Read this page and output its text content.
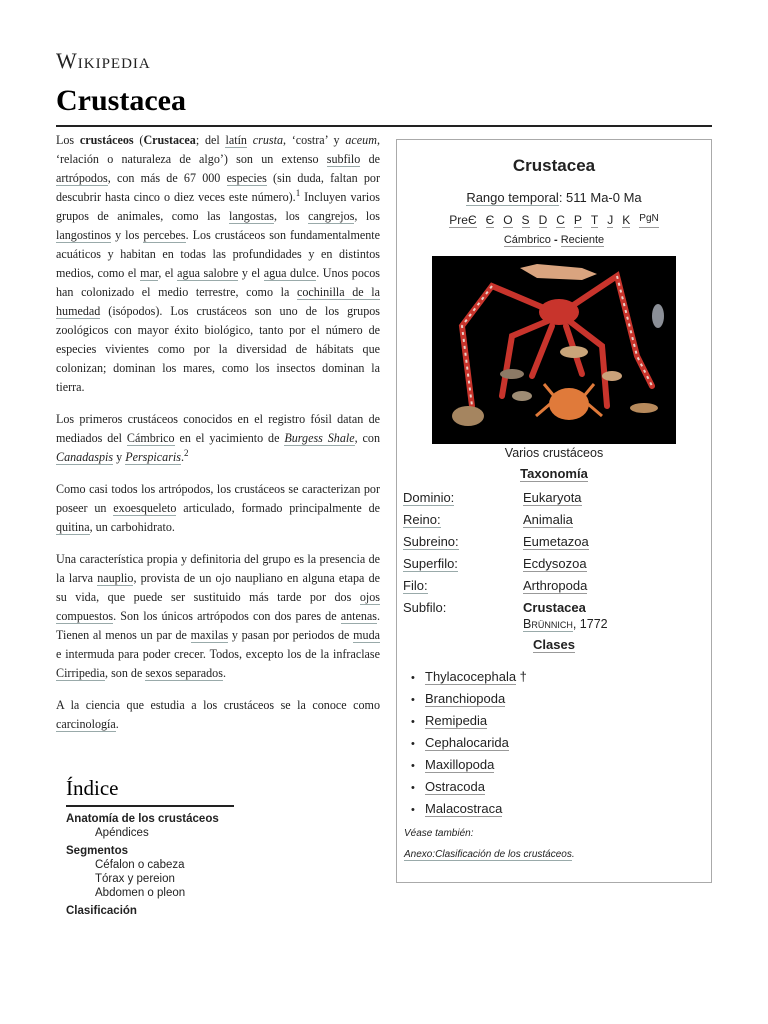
Wikipedia
Crustacea

Los crustáceos (Crustacea; del latín crusta, ‘costra’ y aceum, ‘relación o naturaleza de algo’) son un extenso subfilo de artrópodos, con más de 67 000 especies (sin duda, faltan por descubrir hasta cinco o diez veces este número).$^1$ Incluyen varios grupos de animales, como las langostas, los cangrejos, los langostinos y los percebes. Los crustáceos son fundamentalmente acuáticos y habitan en todas las profundidades y en distintos medios, como el mar, el agua salobre y el agua dulce. Unos pocos han colonizado el medio terrestre, como la cochinilla de la humedad (isópodos). Los crustáceos son uno de los grupos zoológicos con mayor éxito biológico, tanto por el número de especies vivientes como por la diversidad de hábitats que colonizan; dominan los mares, como los insectos dominan la tierra.

Los primeros crustáceos conocidos en el registro fósil datan de mediados del Cámbrico en el yacimiento de Burgess Shale, con Canadaspis y Perspicaris.$^2$

Como casi todos los artrópodos, los crustáceos se caracterizan por poseer un exoesqueleto articulado, formado principalmente de quitina, un carbohidrato.

Una característica propia y definitoria del grupo es la presencia de la larva nauplio, provista de un ojo naupliano en alguna etapa de su vida, que puede ser sustituido más tarde por dos ojos compuestos. Son los únicos artrópodos con dos pares de antenas. Tienen al menos un par de maxilas y pasan por periodos de muda e intermuda para poder crecer. Todos, excepto los de la infraclase Cirripedia, son de sexos separados.

A la ciencia que estudia a los crustáceos se la conoce como carcinología.

Crustacea
Rango temporal: 511 Ma-0 Ma
PreЄ Є O S D C P T J K PgN
Cámbrico - Reciente
Varios crustáceos
Taxonomía
Dominio:	Eukaryota
Reino:	Animalia
Subreino:	Eumetazoa
Superfilo:	Ecdysozoa
Filo:	Arthropoda
Subfilo:	Crustacea
Brünnich, 1772
Clases
• Thylacocephala †
• Branchiopoda
• Remipedia
• Cephalocarida
• Maxillopoda
• Ostracoda
• Malacostraca
Véase también:
Anexo:Clasificación de los crustáceos.
Índice
Anatomía de los crustáceos
Apéndices
Segmentos
Céfalon o cabeza
Tórax y pereion
Abdomen o pleon
Clasificación
